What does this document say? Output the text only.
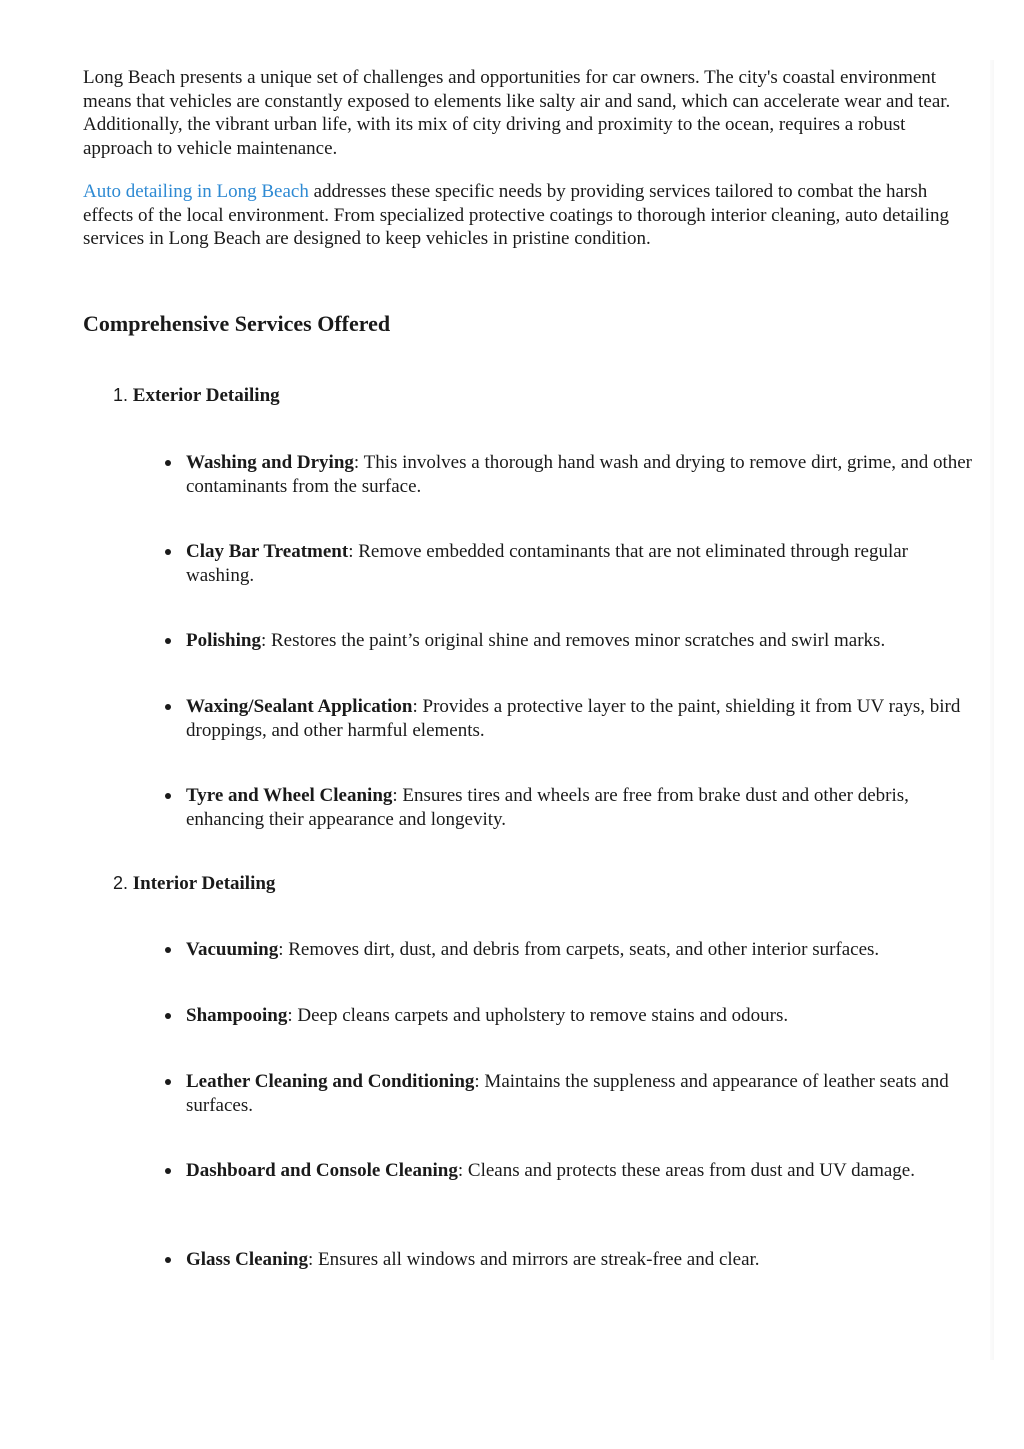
Long Beach presents a unique set of challenges and opportunities for car owners. The city's coastal environment means that vehicles are constantly exposed to elements like salty air and sand, which can accelerate wear and tear. Additionally, the vibrant urban life, with its mix of city driving and proximity to the ocean, requires a robust approach to vehicle maintenance.

Auto detailing in Long Beach addresses these specific needs by providing services tailored to combat the harsh effects of the local environment. From specialized protective coatings to thorough interior cleaning, auto detailing services in Long Beach are designed to keep vehicles in pristine condition.

Comprehensive Services Offered
1. Exterior Detailing
Washing and Drying: This involves a thorough hand wash and drying to remove dirt, grime, and other contaminants from the surface.
Clay Bar Treatment: Remove embedded contaminants that are not eliminated through regular washing.
Polishing: Restores the paint’s original shine and removes minor scratches and swirl marks.
Waxing/Sealant Application: Provides a protective layer to the paint, shielding it from UV rays, bird droppings, and other harmful elements.
Tyre and Wheel Cleaning: Ensures tires and wheels are free from brake dust and other debris, enhancing their appearance and longevity.
2. Interior Detailing
Vacuuming: Removes dirt, dust, and debris from carpets, seats, and other interior surfaces.
Shampooing: Deep cleans carpets and upholstery to remove stains and odours.
Leather Cleaning and Conditioning: Maintains the suppleness and appearance of leather seats and surfaces.
Dashboard and Console Cleaning: Cleans and protects these areas from dust and UV damage.
Glass Cleaning: Ensures all windows and mirrors are streak-free and clear.
